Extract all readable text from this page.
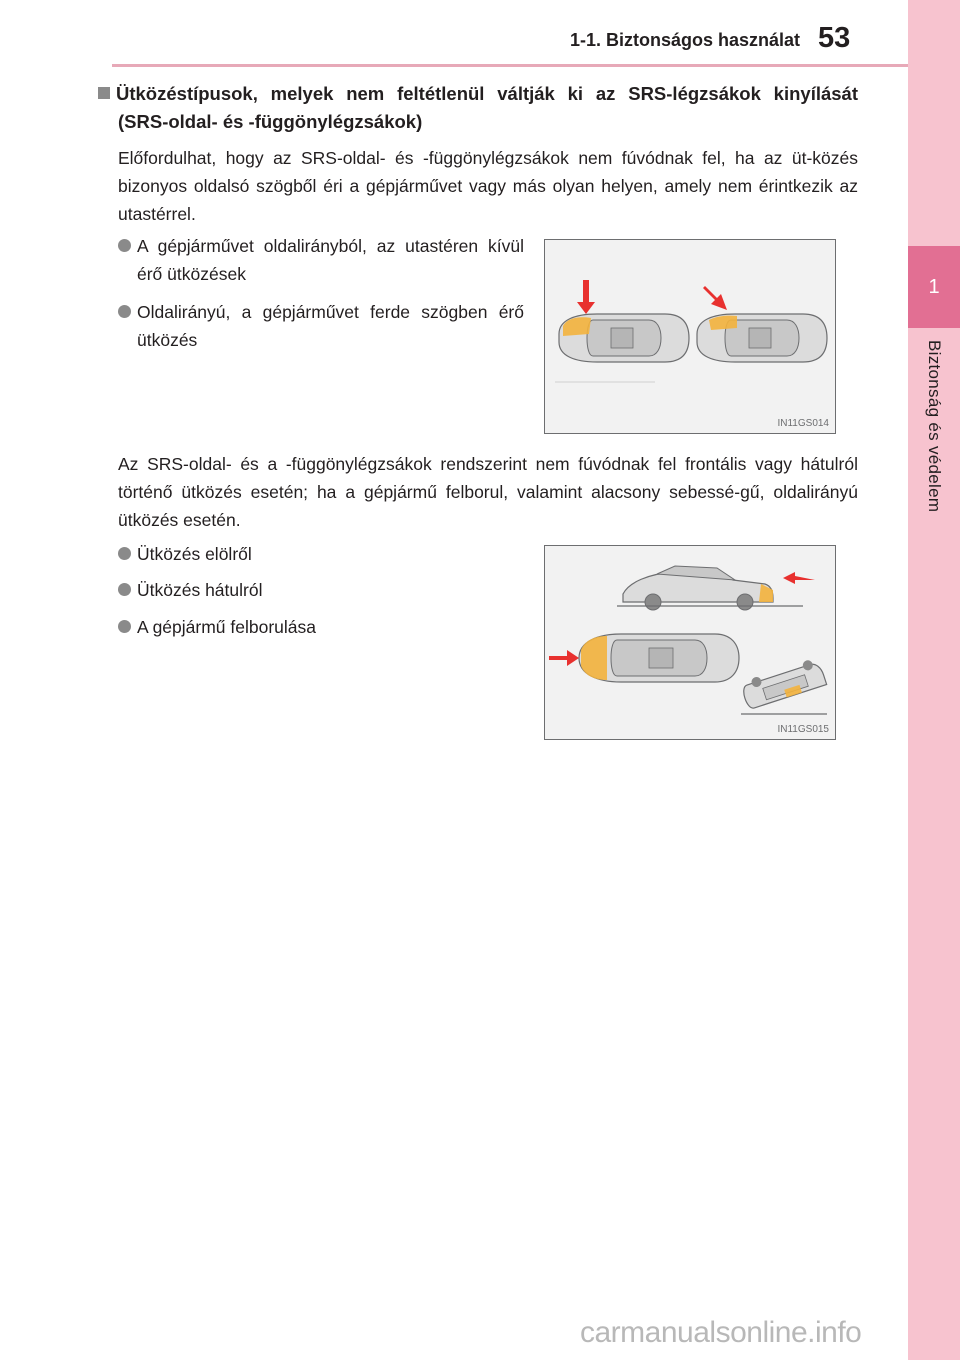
1-1. Biztonságos használat 53
1
Biztonság és védelem
Ütközéstípusok, melyek nem feltétlenül váltják ki az SRS-légzsákok kinyílását
(SRS-oldal- és -függönylégzsákok)
Előfordulhat, hogy az SRS-oldal- és -függönylégzsákok nem fúvódnak fel, ha az üt-közés bizonyos oldalsó szögből éri a gépjárművet vagy más olyan helyen, amely nem érintkezik az utastérrel.
A gépjárművet oldalirányból, az utastéren kívül érő ütközések
Oldalirányú, a gépjárművet ferde szögben érő ütközés
IN11GS014
Az SRS-oldal- és a -függönylégzsákok rendszerint nem fúvódnak fel frontális vagy hátulról történő ütközés esetén; ha a gépjármű felborul, valamint alacsony sebessé-gű, oldalirányú ütközés esetén.
Ütközés elölről
Ütközés hátulról
A gépjármű felborulása
IN11GS015
carmanualsonline.info
